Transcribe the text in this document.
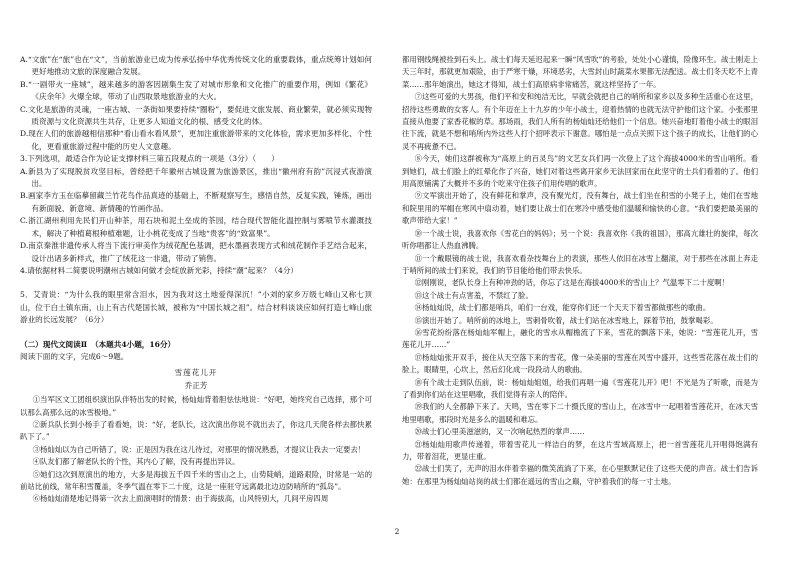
A.“文旅”在“旅”也在“文”，当前旅游业已成为传承弘扬中华优秀传统文化的重要载体，重点统筹计划如何更好地推动文旅的深度融合发展。

B.“一剧带火一座城”，越来越多的游客因剧集生发了对城市形象和文化推广的重要作用，例如《繁花》《庆余年》火爆全球，带动了山西取景地旅游业的大火。

C.文化是旅游的灵魂，一座古城、一条街如果要持续“圈粉”，要促进文旅发展、商业繁荣，就必须实现物质资源与文化资源共生共存，让更多人知道文化的根、感受文化的体。

D.现在人们的旅游越相信那种“看山看水看风景”，更加注重旅游带来的文化体验，需求更加多样化、个性化，更看重旅游过程中能的历史人文意趣。

3.下列选项，最适合作为论证支撑材料三第五段观点的一项是（3分）（　　）

A.新县为了实现脱贫攻坚目标，曾经把千年徽州古城设置为旅游景区，推出“徽州府有韵”沉浸式夜游演出。

B.画家李方玉在临摹留藏兰竹花鸟作品真迹的基础上，不断观察写生，感悟自然，反复实践，锤炼，画出有新面貌、新意境、新情趣的竹画作品。

C.浙江湖州利用先民们开山种茶，用石块和泥土垒成的茶园，结合现代智能化温控制与雾喷节水灌溉技术，解决了种植葛根种植难题，让小桃花变成了当地“贵客”的“致富果”。

D.南京秦淮非遗传承人将当下流行审美作为绒花配色基调，把水墨画表现方式和绒花制作手艺结合起来，设计出诸多新样式，推广了绒花这一非遗，带动了销售。

4.请依据材料二简要说明潮州古城如何做才会绽放新光彩，持续“潮”起来？（4分）

5．艾青说：“为什么我的眼里常含泪水，因为我对这土地爱得深沉！”小刘的家乡万级七峰山又称七顶山，位于白土镇东南，山上有古代楚国长城，被称为“中国长城之祖”。结合材料谈谈应如何打造七峰山旅游业的长远发展？（6分）

（二）现代文阅读Ⅱ　（本题共4小题，16分）

阅读下面的文字，完成6～9题。

雪莲花儿开

乔正芳

①当军区文工团组织演出队伴特出发的时候，杨灿灿背着胆怯怯地说：“好吧，她终究自己选择，那个可以那么高那么远的冰雪极地。”

②新兵队长到小杨手了看看她，说：“好，老队长，这次演出你说不就出去了，你这几天爬各样去都快累趴下了。”

③杨灿灿以为自己听错了，说：正是因为我在这儿待过，对那里的情况熟悉，才提议让我去一定要去！

④队友们都了解老队长的个性，其内心了解，没有再提出异议。

⑤她们这次到原演出的地方，大多是海拔五千四千米的雪山之上，山势陡峭，道路艰险，时常是一站的前站比前线，常年积雪覆盖，冬季气温在零下二十度，这是一座驻守远离最北边边防哨所的“孤岛”。

⑥杨灿灿清楚地记得第一次去上面演唱时的情景：由于海拔高，山风特别大，几间平房四周

都用钢线绳被拴到石头上。战士们每天延迟起来一瞬“风雪吹”的考验，处处小心谨慎，险像环生。战士刚走上天三年时，那就更加艰险，由于严寒干燥，环境恶劣，大雪封山时蔬菜水果都无法配送。战士们冬天吃不上青菜……那年她演出，她这才得知，战士们高原病非常痛苦，就这样坚持了一年。

⑦这些可爱的大男孩，他们平和安和纯洁无比，早就会就把自己的哨所和家乡以及多种生活重心在这里，招待这些勇敢的女客人。有个年迈在上十九岁的少年小战士，迎着热情的也就无法守护他们这个家。小张那里直接从他要了家香花椒的草。那场雨，我们人所有的杨灿灿还给他们一个信息。她兴奋地盯着他小战士的眼泪往下流，就是不想和哨所内外这些人打个招呼表示下谢意。哪怕是一点点关照下这个孩子的成长，让他们的心灵不再疲惫不已。

⑧今天，她们这群被称为“高原上的百灵鸟”的文艺女兵们再一次登上了这个海拔4000米的雪山哨所。看到她们，战士们脸上的红晕化作了兴奋，她们对着这些离开家乡无法回家而在此坚守的士兵们看着的了。他们用高原铺满了大概并不多的个吃来守住孩子们用传唱的歌声。

⑨文军演出开始了，没有鲜花和掌声，没有聚光灯，没有舞台，战士们坐在积雪的小凳子上，她们在雪地和院里用的军帽在寒风中扇动着，她们要让战士们在寒冷中感受他们温暖和愉快的心意。“我们要把最美丽的歌声带给大家！”

⑩一个战士说，我喜欢你《雪花白的妈妈》；另一个说：我喜欢你《我的祖国》，那高亢雄壮的旋律，每次听你唱都让人热血沸腾。

⑪一个戴眼镜的战士说，我喜欢看杂技舞台上的表演，那些人依旧在冰雪上翻滚，对于那些在冰面上奔走于哨所间的战士们来说，我们的节目能给他们带去快乐。

⑫刚刚说，老队长身上有种冲劲的话，你忘了这是在海拔4000米的雪山上？气温零下二十度啊！

⑬这个战士有点害羞，不禁红了脸。

⑭杨灿灿说，战士们都是哨兵，咱们一台戏，能穿你们还一个天天下着雪都做那些的歌曲。

⑮演出开始了。哨所前的冰地上，雪刺骨吹着，战士们站在冰雪地上，踩着节拍，鼓掌喝彩。

⑯雪花纷纷落在杨灿灿军帽上，融化的雪水从帽檐流了下来，雪花的飘落下来，她说：“雪莲花儿开，雪莲花儿开……”

⑰杨灿灿张开双手，接住从天空落下来的雪花，像一朵美丽的雪莲在风雪中盛开，这些雪花落在战士们的脸上，眼睛里，心坎上，然后幻化成一段段动人的歌曲。

⑱有个战士走到队伍前，说：杨灿灿姐姐，给我们再唱一遍《雪莲花儿开》吧！不光是为了听歌，而是为了看到你们站在这里唱歌，我们觉得有亲人的陪伴。

⑲我们的人全都静下来了。天鸣，雪在零下二十摄氏度的雪山上，在冰雪中一起唱着雪莲花开，在冰天雪地里唱歌，那段时光是多么的温暖和难忘。

⑳战士们心里美滋滋的，又一次响起热烈的掌声……

㉑杨灿灿用歌声传递着，带着雪花儿一样洁白的梦，在这片雪域高原上，把一首雪莲花儿开唱得饱满有力，带着泪花，更显庄重。

㉒战士们笑了，无声的泪水伴着幸福的微笑流淌了下来，在心里默默记住了这些天使的声音。战士们告诉她：在那里为杨灿灿站岗的战士们都在遥远的雪山之巅，守护着我们的每一寸土地。

2
